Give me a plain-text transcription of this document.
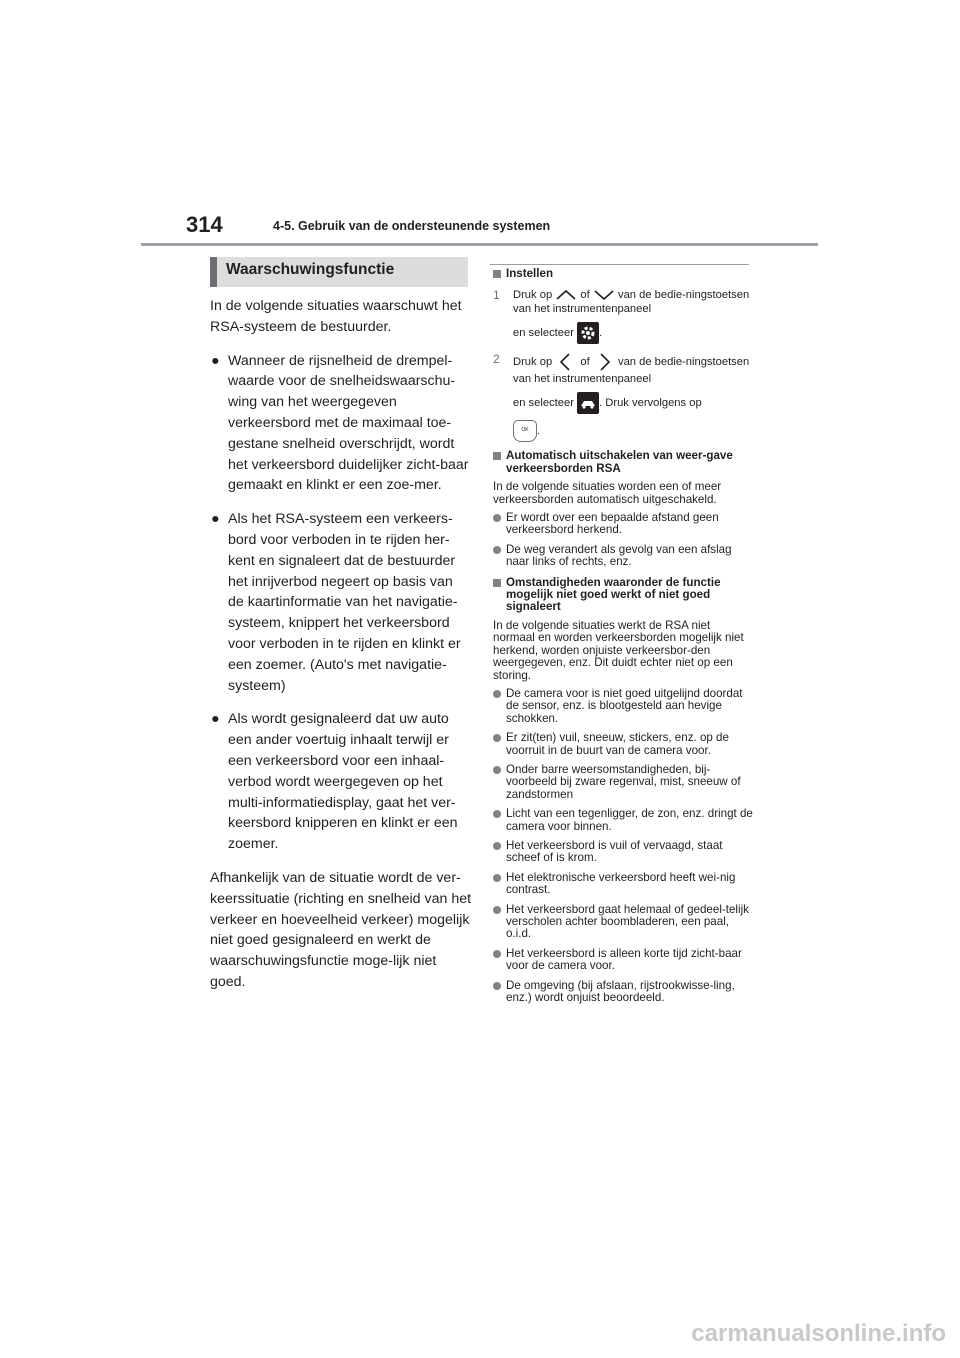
314	4-5. Gebruik van de ondersteunende systemen
Waarschuwingsfunctie

In de volgende situaties waarschuwt het RSA-systeem de bestuurder.

● Wanneer de rijsnelheid de drempel-waarde voor de snelheidswaarschu-wing van het weergegeven verkeersbord met de maximaal toe-gestane snelheid overschrijdt, wordt het verkeersbord duidelijker zicht-baar gemaakt en klinkt er een zoe-mer.
● Als het RSA-systeem een verkeers-bord voor verboden in te rijden her-kent en signaleert dat de bestuurder het inrijverbod negeert op basis van de kaartinformatie van het navigatie-systeem, knippert het verkeersbord voor verboden in te rijden en klinkt er een zoemer. (Auto's met navigatie-systeem)
● Als wordt gesignaleerd dat uw auto een ander voertuig inhaalt terwijl er een verkeersbord voor een inhaal-verbod wordt weergegeven op het multi-informatiedisplay, gaat het ver-keersbord knipperen en klinkt er een zoemer.

Afhankelijk van de situatie wordt de ver-keerssituatie (richting en snelheid van het verkeer en hoeveelheid verkeer) mogelijk niet goed gesignaleerd en werkt de waarschuwingsfunctie moge-lijk niet goed.

Instellen
1 Druk op	of	van de bedie-ningstoetsen van het instrumentenpaneel
en selecteer .
2 Druk op	of	van de bedie-ningstoetsen van het instrumentenpaneel
en selecteer . Druk vervolgens op
OK .
Automatisch uitschakelen van weer-gave verkeersborden RSA
In de volgende situaties worden een of meer verkeersborden automatisch uitgeschakeld.
Er wordt over een bepaalde afstand geen verkeersbord herkend.
De weg verandert als gevolg van een afslag naar links of rechts, enz.
Omstandigheden waaronder de functie mogelijk niet goed werkt of niet goed signaleert
In de volgende situaties werkt de RSA niet normaal en worden verkeersborden mogelijk niet herkend, worden onjuiste verkeersbor-den weergegeven, enz. Dit duidt echter niet op een storing.
De camera voor is niet goed uitgelijnd doordat de sensor, enz. is blootgesteld aan hevige schokken.
Er zit(ten) vuil, sneeuw, stickers, enz. op de voorruit in de buurt van de camera voor.
Onder barre weersomstandigheden, bij-voorbeeld bij zware regenval, mist, sneeuw of zandstormen
Licht van een tegenligger, de zon, enz. dringt de camera voor binnen.
Het verkeersbord is vuil of vervaagd, staat scheef of is krom.
Het elektronische verkeersbord heeft wei-nig contrast.
Het verkeersbord gaat helemaal of gedeel-telijk verscholen achter boombladeren, een paal, o.i.d.
Het verkeersbord is alleen korte tijd zicht-baar voor de camera voor.
De omgeving (bij afslaan, rijstrookwisse-ling, enz.) wordt onjuist beoordeeld.
carmanualsonline.info
